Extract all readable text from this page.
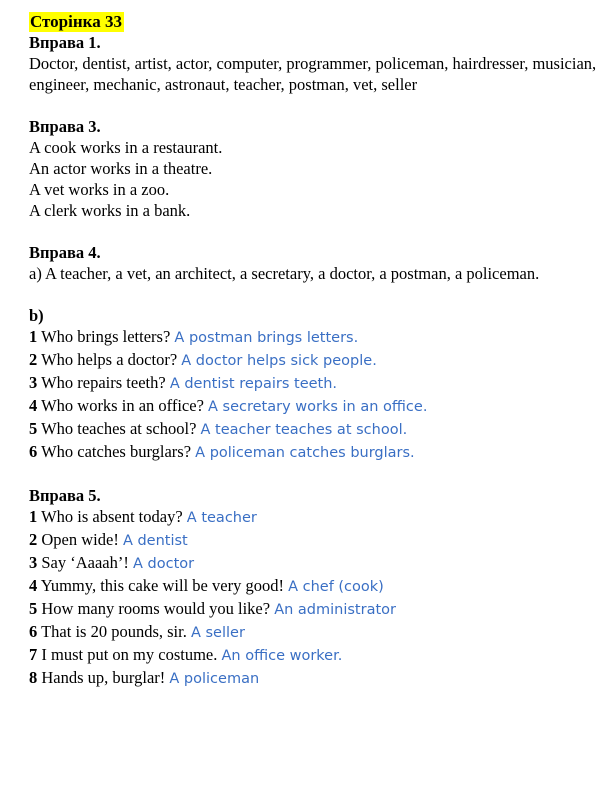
Сторінка 33
Вправа 1.
Doctor, dentist, artist, actor, computer, programmer, policeman, hairdresser, musician, engineer, mechanic, astronaut, teacher, postman, vet, seller
Вправа 3.
A cook works in a restaurant.
An actor works in a theatre.
A vet works in a zoo.
A clerk works in a bank.
Вправа 4.
a) A teacher, a vet, an architect, a secretary, a doctor, a postman, a policeman.
b)
1 Who brings letters? A postman brings letters.
2 Who helps a doctor? A doctor helps sick people.
3 Who repairs teeth? A dentist repairs teeth.
4 Who works in an office? A secretary works in an office.
5 Who teaches at school? A teacher teaches at school.
6 Who catches burglars? A policeman catches burglars.
Вправа 5.
1 Who is absent today? A teacher
2 Open wide! A dentist
3 Say ‘Aaaah’! A doctor
4 Yummy, this cake will be very good! A chef (cook)
5 How many rooms would you like? An administrator
6 That is 20 pounds, sir. A seller
7 I must put on my costume. An office worker.
8 Hands up, burglar! A policeman
